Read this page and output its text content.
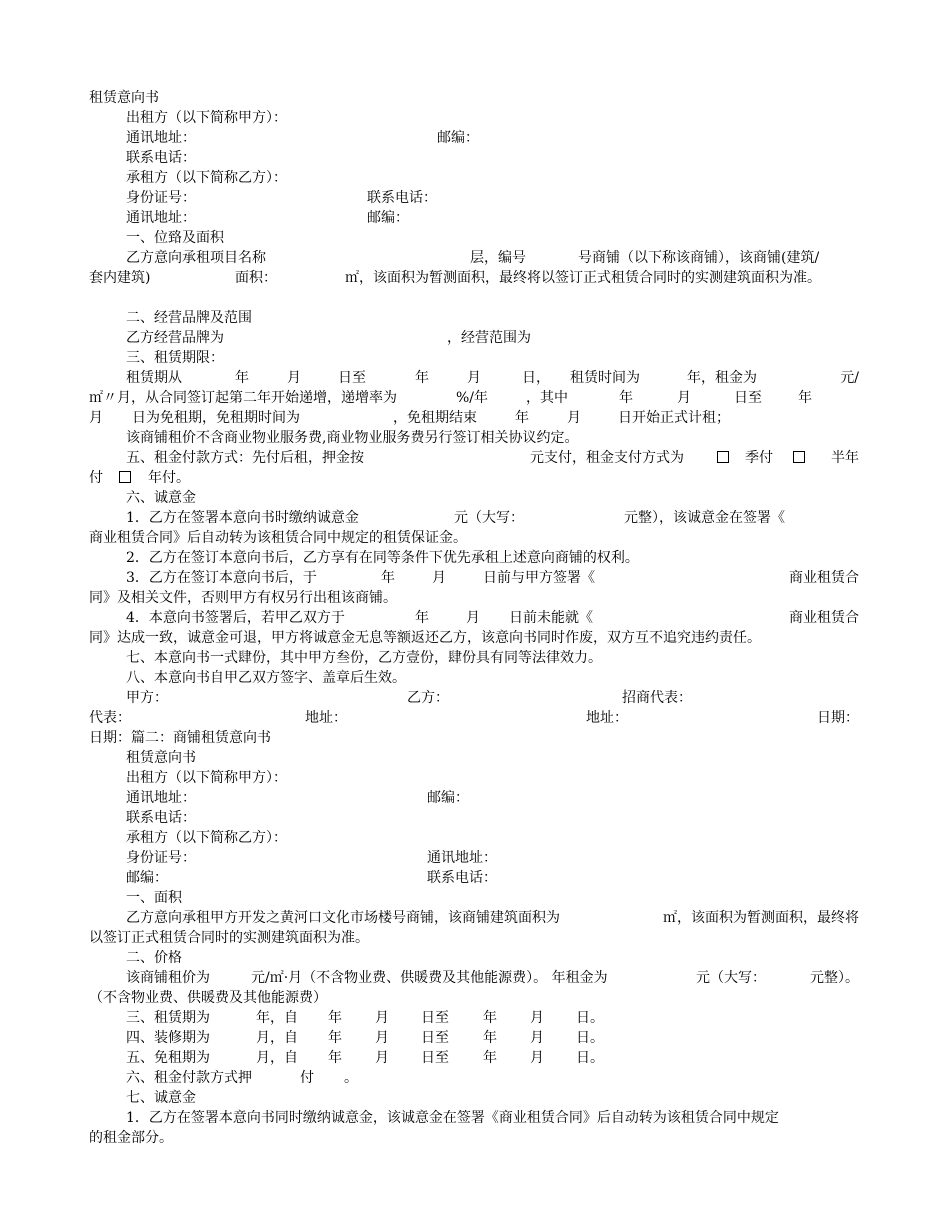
租赁意向书
出租方（以下简称甲方）：
通讯地址：	邮编：
联系电话：
承租方（以下简称乙方）：
身份证号：	联系电话：
通讯地址：	邮编：
一、位臵及面积
乙方意向承租项目名称	层，编号	号商铺（以下称该商铺），该商铺(建筑/
套内建筑)	面积：	㎡，该面积为暂测面积，最终将以签订正式租赁合同时的实测建筑面积为准。
二、经营品牌及范围
乙方经营品牌为	，经营范围为
三、租赁期限：
租赁期从	年	月	日至	年	月	日， 租赁时间为	年，租金为	元/
㎡〃月，从合同签订起第二年开始递增，递增率为	%/年	，其中	年	月	日至	年
月 日为免租期，免租期时间为	，免租期结束	年	月	日开始正式计租；
该商铺租价不含商业物业服务费,商业物业服务费另行签订相关协议约定。
五、租金付款方式：先付后租，押金按	元支付，租金支付方式为	季付	半年
付	年付。
六、诚意金
1．乙方在签署本意向书时缴纳诚意金	元（大写：	元整），该诚意金在签署《
商业租赁合同》后自动转为该租赁合同中规定的租赁保证金。
2．乙方在签订本意向书后，乙方享有在同等条件下优先承租上述意向商铺的权利。
3．乙方在签订本意向书后，于	年	月	日前与甲方签署《	商业租赁合
同》及相关文件，否则甲方有权另行出租该商铺。
4．本意向书签署后，若甲乙双方于	年	月 日前未能就《	商业租赁合
同》达成一致，诚意金可退，甲方将诚意金无息等额返还乙方，该意向书同时作废，双方互不追究违约责任。
七、本意向书一式肆份，其中甲方叁份，乙方壹份，肆份具有同等法律效力。
八、本意向书自甲乙双方签字、盖章后生效。
甲方：	乙方：	招商代表：
代表：	地址：	地址：	日期：
日期：篇二：商铺租赁意向书
租赁意向书
出租方（以下简称甲方）：
通讯地址：	邮编：
联系电话：
承租方（以下简称乙方）：
身份证号：	通讯地址：
邮编：	联系电话：
一、面积
乙方意向承租甲方开发之黄河口文化市场楼号商铺，该商铺建筑面积为	㎡，该面积为暂测面积，最终将
以签订正式租赁合同时的实测建筑面积为准。
二、价格
该商铺租价为	元/㎡·月（不含物业费、供暖费及其他能源费）。 年租金为	元（大写：	元整）。
（不含物业费、供暖费及其他能源费）
三、租赁期为	年，自 年 月 日至 年 月 日。
四、装修期为	月，自 年 月 日至 年 月 日。
五、免租期为	月，自 年 月 日至 年 月 日。
六、租金付款方式押	付 。
七、诚意金
1．乙方在签署本意向书同时缴纳诚意金，该诚意金在签署《商业租赁合同》后自动转为该租赁合同中规定
的租金部分。
